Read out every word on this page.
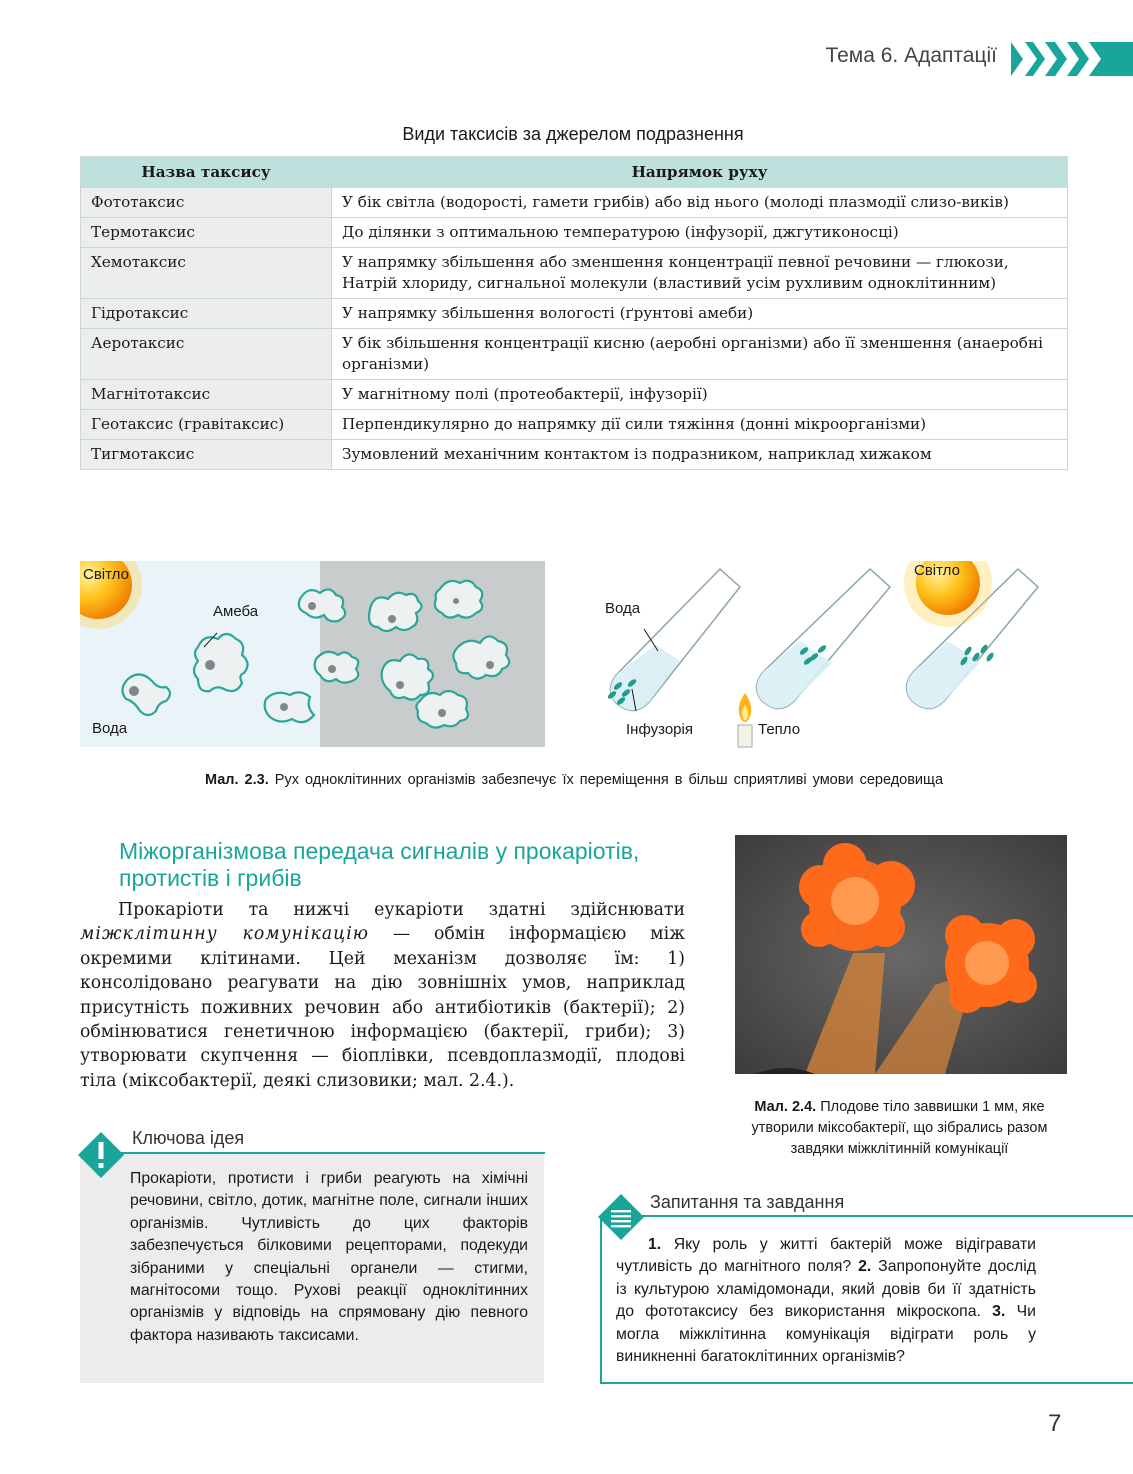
Тема 6. Адаптації
Види таксисів за джерелом подразнення
Назва таксису	Напрямок руху
Фототаксис	У бік світла (водорості, гамети грибів) або від нього (молоді плазмодії слизо-виків)
Термотаксис	До ділянки з оптимальною температурою (інфузорії, джгутиконосці)
Хемотаксис	У напрямку збільшення або зменшення концентрації певної речовини — глюкози, Натрій хлориду, сигнальної молекули (властивий усім рухливим одноклітинним)
Гідротаксис	У напрямку збільшення вологості (ґрунтові амеби)
Аеротаксис	У бік збільшення концентрації кисню (аеробні організми) або її зменшення (анаеробні організми)
Магнітотаксис	У магнітному полі (протеобактерії, інфузорії)
Геотаксис (гравітаксис)	Перпендикулярно до напрямку дії сили тяжіння (донні мікроорганізми)
Тигмотаксис	Зумовлений механічним контактом із подразником, наприклад хижаком
Світло
Амеба
Вода
Вода
Інфузорія	Тепло
Світло
Мал. 2.3. Рух одноклітинних організмів забезпечує їх переміщення в більш сприятливі умови середовища
Міжорганізмова передача сигналів у прокаріотів,
протистів і грибів
Прокаріоти та нижчі еукаріоти здатні здійснювати міжклітинну комунікацію — обмін інформацією між окремими клітинами. Цей механізм дозволяє їм: 1) консолідовано реагувати на дію зовнішніх умов, наприклад присутність поживних речовин або антибіотиків (бактерії); 2) обмінюватися генетичною інформацією (бактерії, гриби); 3) утворювати скупчення — біоплівки, псевдоплазмодії, плодові тіла (міксобактерії, деякі слизовики; мал. 2.4.).
Мал. 2.4. Плодове тіло заввишки 1 мм, яке утворили міксобактерії, що зібрались разом завдяки міжклітинній комунікації
Ключова ідея
Прокаріоти, протисти і гриби реагують на хімічні речовини, світло, дотик, магнітне поле, сигнали інших організмів. Чутливість до цих факторів забезпечується білковими рецепторами, подекуди зібраними у спеціальні органели — стигми, магнітосоми тощо. Рухові реакції одноклітинних організмів у відповідь на спрямовану дію певного фактора називають таксисами.
Запитання та завдання
1. Яку роль у житті бактерій може відігравати чутливість до магнітного поля? 2. Запропонуйте дослід із культурою хламідомонади, який довів би її здатність до фототаксису без використання мікроскопа. 3. Чи могла міжклітинна комунікація відіграти роль у виникненні багатоклітинних організмів?
7
